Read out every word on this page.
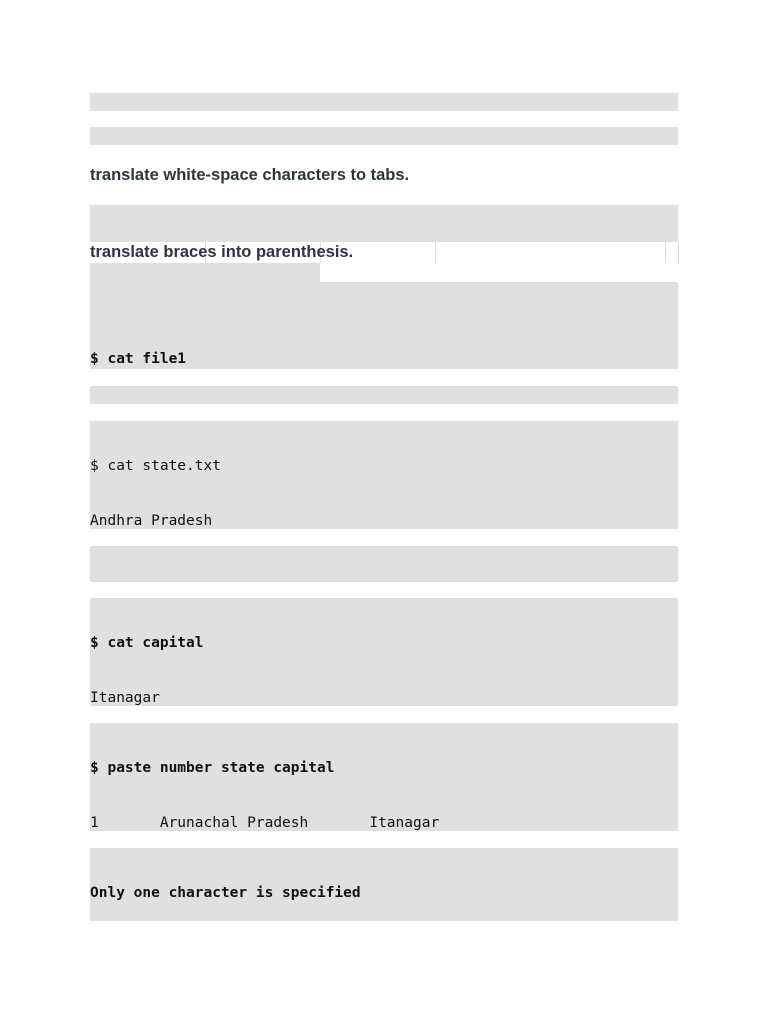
translate white-space characters to tabs.

translate braces into parenthesis.

$ cat file1

$ cat state.txt

Andhra Pradesh

$ cat capital

Itanagar

$ paste number state capital

1       Arunachal Pradesh       Itanagar

Only one character is specified
